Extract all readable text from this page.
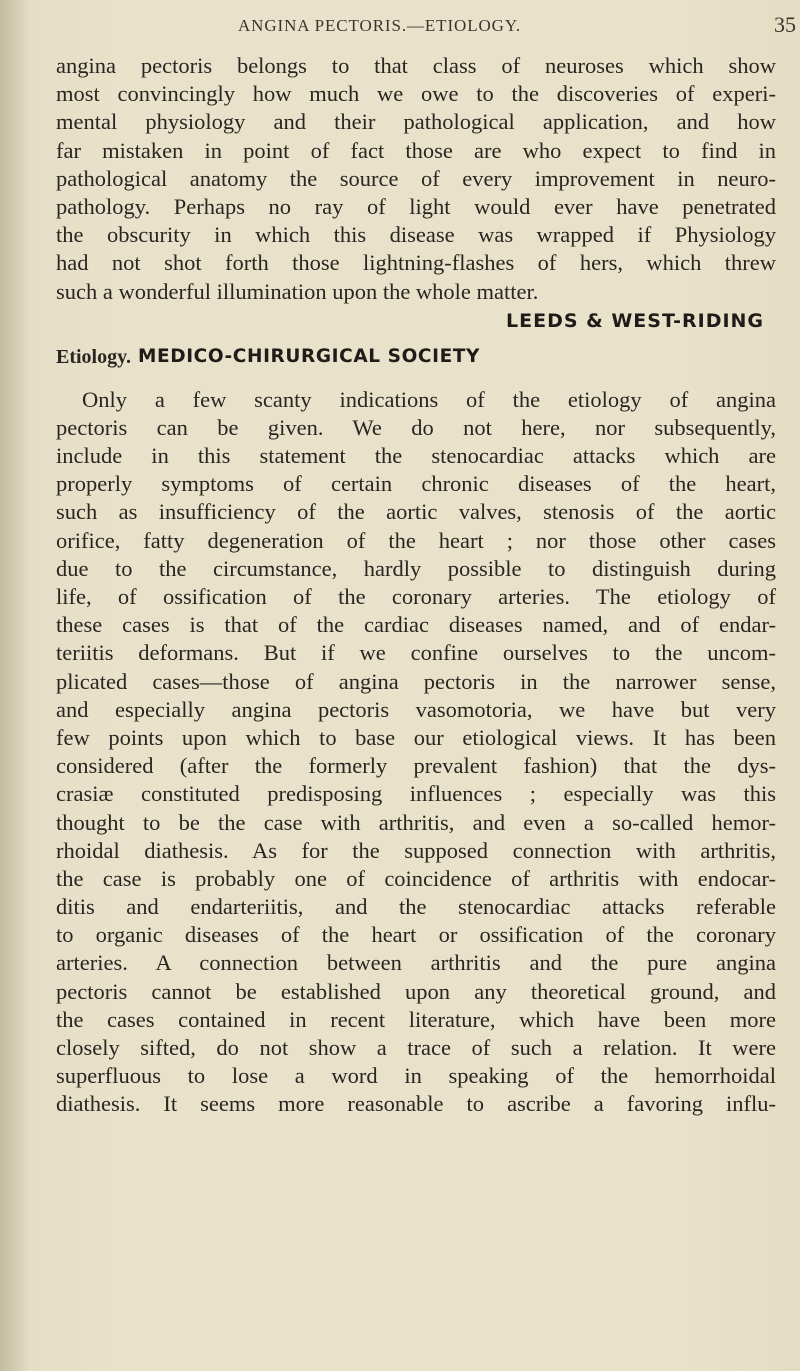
ANGINA PECTORIS.—ETIOLOGY.	35
angina pectoris belongs to that class of neuroses which show
most convincingly how much we owe to the discoveries of experi-
mental physiology and their pathological application, and how
far mistaken in point of fact those are who expect to find in
pathological anatomy the source of every improvement in neuro-
pathology. Perhaps no ray of light would ever have penetrated
the obscurity in which this disease was wrapped if Physiology
had not shot forth those lightning-flashes of hers, which threw
such a wonderful illumination upon the whole matter.
LEEDS & WEST-RIDING
Etiology. MEDICO-CHIRURGICAL SOCIETY
Only a few scanty indications of the etiology of angina
pectoris can be given. We do not here, nor subsequently,
include in this statement the stenocardiac attacks which are
properly symptoms of certain chronic diseases of the heart,
such as insufficiency of the aortic valves, stenosis of the aortic
orifice, fatty degeneration of the heart ; nor those other cases
due to the circumstance, hardly possible to distinguish during
life, of ossification of the coronary arteries. The etiology of
these cases is that of the cardiac diseases named, and of endar-
teriitis deformans. But if we confine ourselves to the uncom-
plicated cases—those of angina pectoris in the narrower sense,
and especially angina pectoris vasomotoria, we have but very
few points upon which to base our etiological views. It has been
considered (after the formerly prevalent fashion) that the dys-
crasiæ constituted predisposing influences ; especially was this
thought to be the case with arthritis, and even a so-called hemor-
rhoidal diathesis. As for the supposed connection with arthritis,
the case is probably one of coincidence of arthritis with endocar-
ditis and endarteriitis, and the stenocardiac attacks referable
to organic diseases of the heart or ossification of the coronary
arteries. A connection between arthritis and the pure angina
pectoris cannot be established upon any theoretical ground, and
the cases contained in recent literature, which have been more
closely sifted, do not show a trace of such a relation. It were
superfluous to lose a word in speaking of the hemorrhoidal
diathesis. It seems more reasonable to ascribe a favoring influ-
